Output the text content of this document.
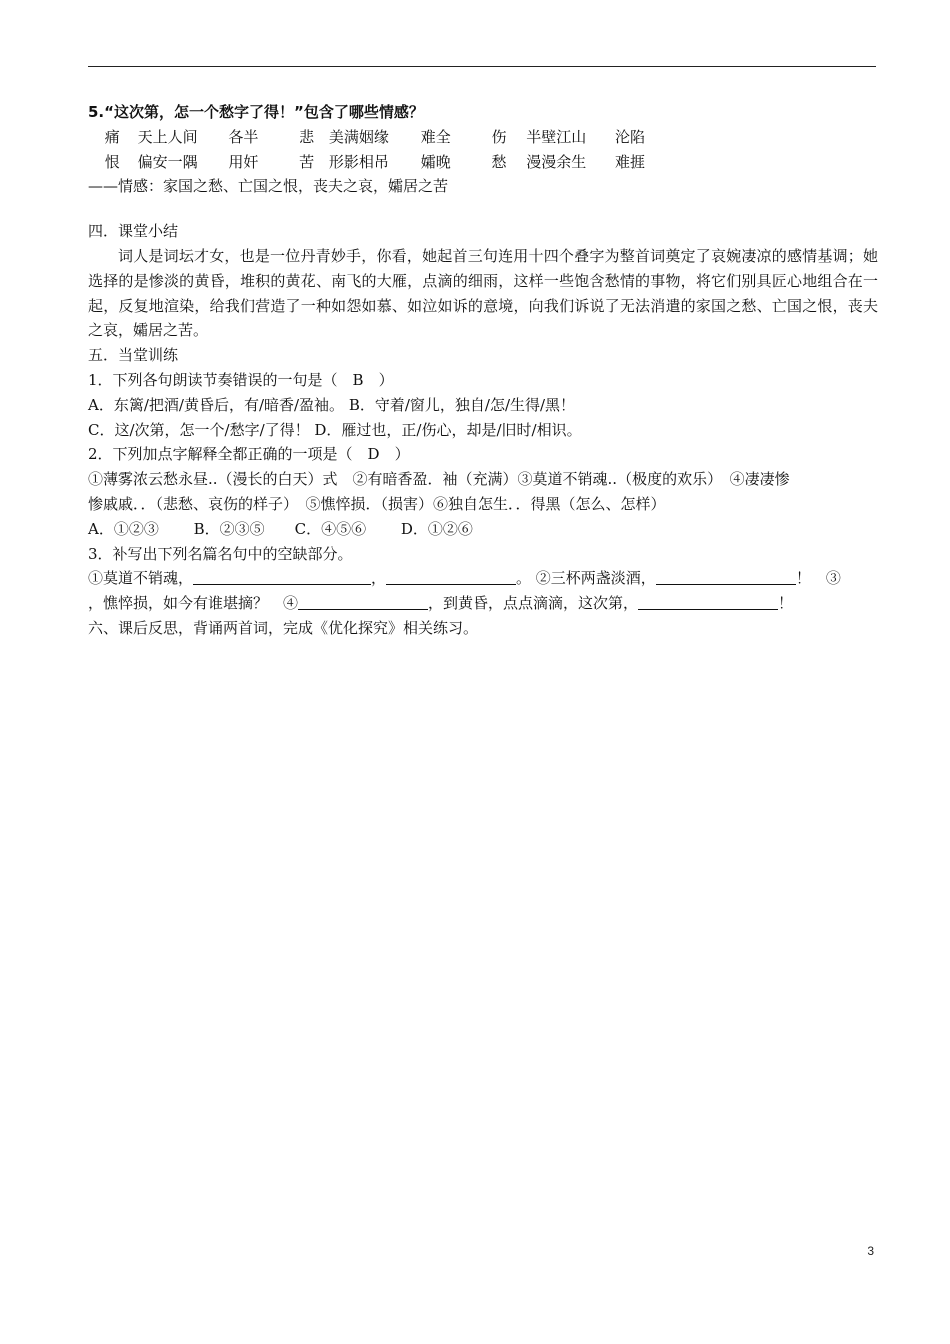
5.“这次第，怎一个愁字了得！”包含了哪些情感？
痛 天上人间 各半	悲 美满姻缘 难全	伤 半壁江山 沦陷
恨 偏安一隅 用奸	苦 形影相吊 孀晚	愁 漫漫余生 难捱
——情感：家国之愁、亡国之恨，丧夫之哀，孀居之苦
四．课堂小结
词人是词坛才女，也是一位丹青妙手，你看，她起首三句连用十四个叠字为整首词奠定了哀婉凄凉的感情基调；她选择的是惨淡的黄昏，堆积的黄花、南飞的大雁，点滴的细雨，这样一些饱含愁情的事物，将它们别具匠心地组合在一起，反复地渲染，给我们营造了一种如怨如慕、如泣如诉的意境，向我们诉说了无法消遣的家国之愁、亡国之恨，丧夫之哀，孀居之苦。
五．当堂训练
1．下列各句朗读节奏错误的一句是（　B　）
A．东篱/把酒/黄昏后，有/暗香/盈袖。 B．守着/窗儿，独自/怎/生得/黑！
C．这/次第，怎一个/愁字/了得！ D．雁过也，正/伤心，却是/旧时/相识。
2．下列加点字解释全都正确的一项是（　D　）
①薄雾浓云愁永昼..（漫长的白天）式　②有暗香盈．袖（充满）③莫道不销魂..（极度的欢乐）　④凄凄惨
惨戚戚．．（悲愁、哀伤的样子）　⑤憔悴损．（损害）⑥独自怎生．．得黑（怎么、怎样）
A．①②③　　 B．②③⑤　　C．④⑤⑥　　 D．①②⑥
3．补写出下列名篇名句中的空缺部分。
①莫道不销魂，	，	。 ②三杯两盏淡酒，	！　③
，憔悴损，如今有谁堪摘？　④	，到黄昏，点点滴滴，这次第，	！
六、课后反思，背诵两首词，完成《优化探究》相关练习。
3
